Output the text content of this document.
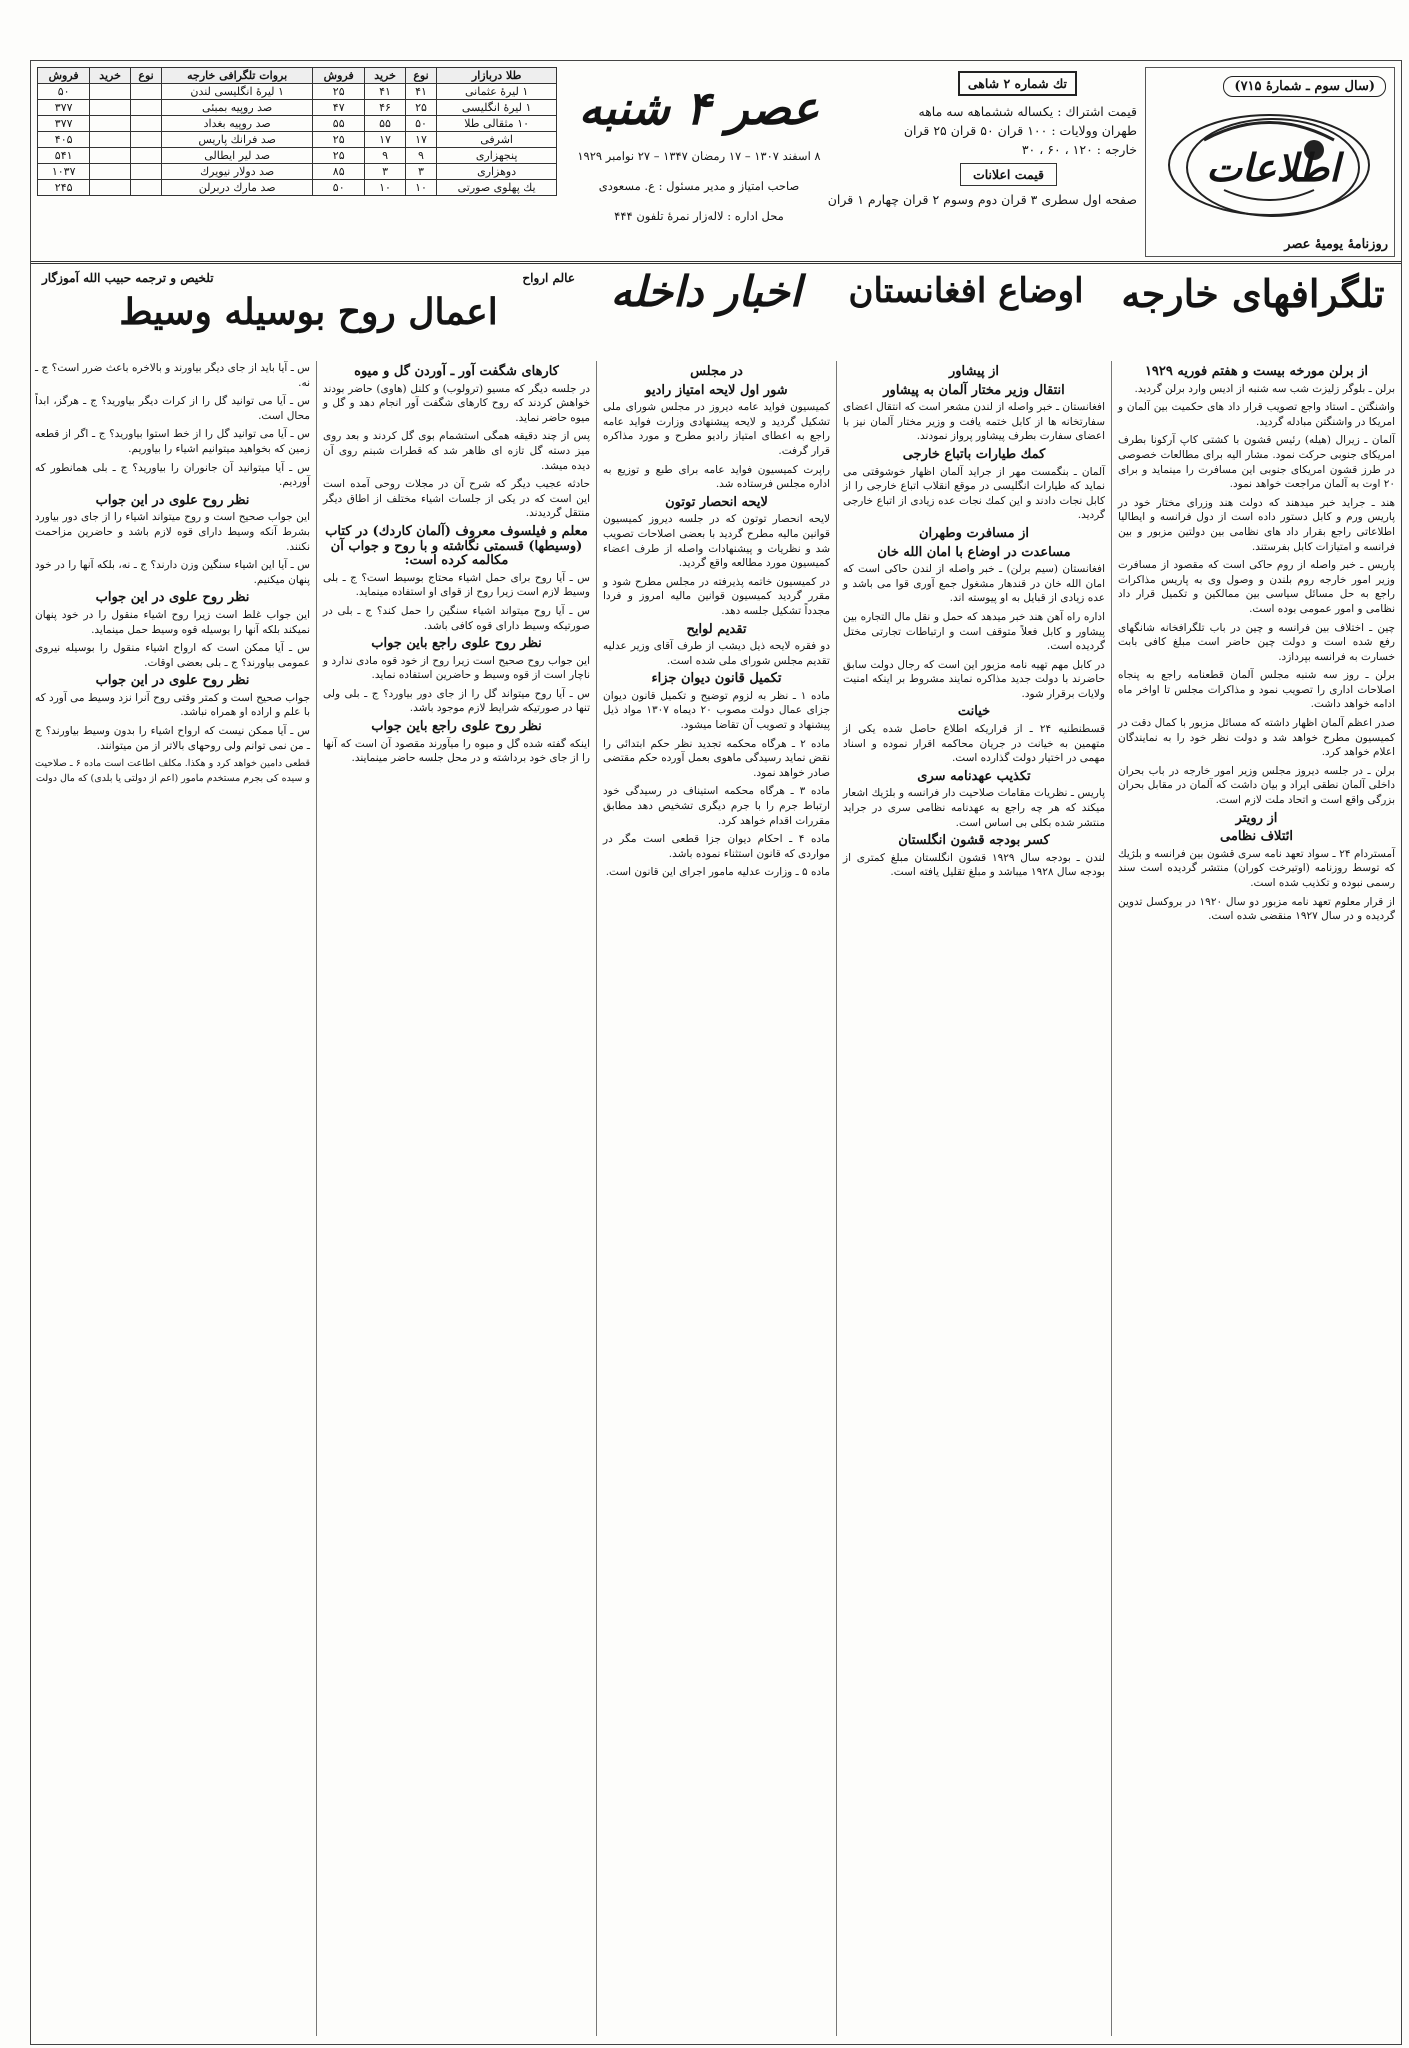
(سال سوم ـ شمارهٔ ۷۱۵)
اطلاعات
روزنامهٔ یومیهٔ عصر
تك شماره ۲ شاهی
قیمت اشتراك : یکساله ششماهه سه ماهه
طهران وولایات : ۱۰۰ قران ۵۰ قران ۲۵ قران
خارجه : ۱۲۰ ، ۶۰ ، ۳۰
قیمت اعلانات
صفحه اول سطری ۳ قران دوم وسوم ۲ قران چهارم ۱ قران
عصر ۴ شنبه
۸ اسفند ۱۳۰۷ – ۱۷ رمضان ۱۳۴۷ – ۲۷ نوامبر ۱۹۲۹
صاحب امتیاز و مدیر مسئول : ع. مسعودی
محل اداره : لاله‌زار نمرهٔ تلفون ۴۴۴
طلا دربازار	نوع	خرید	فروش	بروات تلگرافی خارجه	نوع	خرید	فروش
۱ لیرهٔ عثمانی	۴۱	۴۱	۲۵	۱ لیرهٔ انگلیسی لندن			۵۰
۱ لیرهٔ انگلیسی	۲۵	۴۶	۴۷	صد روپیه بمبئی			۳۷۷
۱۰ مثقالی طلا	۵۰	۵۵	۵۵	صد روپیه بغداد			۳۷۷
اشرفی	۱۷	۱۷	۲۵	صد فرانك پاریس			۴۰۵
پنجهزاری	۹	۹	۲۵	صد لیر ایطالی			۵۴۱
دوهزاری	۳	۳	۸۵	صد دولار نیویرك			۱۰۳۷
یك پهلوی صورتی	۱۰	۱۰	۵۰	صد مارك دربرلن			۲۴۵
تلگرافهای خارجه
اوضاع افغانستان
اخبار داخله
عالم ارواح
تلخیص و ترجمه حبیب الله آموزگار
اعمال روح بوسیله وسیط
از برلن مورخه بیست و هفتم فوریه ۱۹۲۹

برلن ـ بلوگر زلیزت شب سه شنبه از ادیس وارد برلن گردید.

واشنگتن ـ استاد واجع تصویب قرار داد های حکمیت بین آلمان و امریکا در واشنگتن مبادله گردید.

آلمان ـ زیرال (هیله) رئیس قشون با کشتی کاپ آرکونا بطرف امریکای جنوبی حرکت نمود. مشار الیه برای مطالعات خصوصی در طرز قشون امریکای جنوبی این مسافرت را مینماید و برای ۲۰ اوت به آلمان مراجعت خواهد نمود.

هند ـ جراید خبر میدهند که دولت هند وزرای مختار خود در پاریس ورم و کابل دستور داده است از دول فرانسه و ایطالیا اطلاعاتی راجع بقرار داد های نظامی بین دولتین مزبور و بین فرانسه و امتیازات کابل بفرستند.

پاریس ـ خبر واصله از روم حاکی است که مقصود از مسافرت وزیر امور خارجه روم بلندن و وصول وی به پاریس مذاکرات راجع به حل مسائل سیاسی بین ممالکین و تکمیل قرار داد نظامی و امور عمومی بوده است.

چین ـ اختلاف بین فرانسه و چین در باب تلگرافخانه شانگهای رفع شده است و دولت چین حاضر است مبلغ کافی بابت خسارت به فرانسه بپردازد.

برلن ـ روز سه شنبه مجلس آلمان قطعنامه راجع به پنجاه اصلاحات اداری را تصویب نمود و مذاکرات مجلس تا اواخر ماه ادامه خواهد داشت.

صدر اعظم آلمان اظهار داشته که مسائل مزبور با کمال دقت در کمیسیون مطرح خواهد شد و دولت نظر خود را به نمایندگان اعلام خواهد کرد.

برلن ـ در جلسه دیروز مجلس وزیر امور خارجه در باب بحران داخلی آلمان نطقی ایراد و بیان داشت که آلمان در مقابل بحران بزرگی واقع است و اتحاد ملت لازم است.

از رویتر
ائتلاف نظامی

آمستردام ۲۴ ـ سواد تعهد نامه سری قشون بین فرانسه و بلژیك که توسط روزنامه (اوتیرخت کوران) منتشر گردیده است سند رسمی نبوده و تکذیب شده است.

از قرار معلوم تعهد نامه مزبور دو سال ۱۹۲۰ در بروکسل تدوین گردیده و در سال ۱۹۲۷ منقضی شده است.

از پیشاور
انتقال وزیر مختار آلمان به پیشاور

افغانستان ـ خبر واصله از لندن مشعر است که انتقال اعضای سفارتخانه ها از کابل ختمه یافت و وزیر مختار آلمان نیز با اعضای سفارت بطرف پیشاور پرواز نمودند.

کمك طیارات باتباع خارجی

آلمان ـ بنگمست مهر از جراید آلمان اظهار خوشوقتی می نماید که طیارات انگلیسی در موقع انقلاب اتباع خارجی را از کابل نجات دادند و این کمك نجات عده زیادی از اتباع خارجی گردید.

از مسافرت وطهران
مساعدت در اوضاع با امان الله خان

افغانستان (سیم برلن) ـ خبر واصله از لندن حاکی است که امان الله خان در قندهار مشغول جمع آوری قوا می باشد و عده زیادی از قبایل به او پیوسته اند.

اداره راه آهن هند خبر میدهد که حمل و نقل مال التجاره بین پیشاور و کابل فعلاً متوقف است و ارتباطات تجارتی مختل گردیده است.

در کابل مهم تهیه نامه مزبور این است که رجال دولت سابق حاضرند با دولت جدید مذاکره نمایند مشروط بر اینکه امنیت ولایات برقرار شود.

خیانت

قسطنطنیه ۲۴ ـ از قراریکه اطلاع حاصل شده یکی از متهمین به خیانت در جریان محاکمه اقرار نموده و اسناد مهمی در اختیار دولت گذارده است.

تکذیب عهدنامه سری

پاریس ـ نظریات مقامات صلاحیت دار فرانسه و بلژیك اشعار میکند که هر چه راجع به عهدنامه نظامی سری در جراید منتشر شده بکلی بی اساس است.

کسر بودجه قشون انگلستان

لندن ـ بودجه سال ۱۹۲۹ قشون انگلستان مبلغ کمتری از بودجه سال ۱۹۲۸ میباشد و مبلغ تقلیل یافته است.

در مجلس
شور اول لایحه امتیاز رادیو

کمیسیون فواید عامه دیروز در مجلس شورای ملی تشکیل گردید و لایحه پیشنهادی وزارت فواید عامه راجع به اعطای امتیاز رادیو مطرح و مورد مذاکره قرار گرفت.

راپرت کمیسیون فواید عامه برای طبع و توزیع به اداره مجلس فرستاده شد.

لایحه انحصار توتون

لایحه انحصار توتون که در جلسه دیروز کمیسیون قوانین مالیه مطرح گردید با بعضی اصلاحات تصویب شد و نظریات و پیشنهادات واصله از طرف اعضاء کمیسیون مورد مطالعه واقع گردید.

در کمیسیون خاتمه پذیرفته در مجلس مطرح شود و مقرر گردید کمیسیون قوانین مالیه امروز و فردا مجدداً تشکیل جلسه دهد.

تقدیم لوایح

دو فقره لایحه ذیل دیشب از طرف آقای وزیر عدلیه تقدیم مجلس شورای ملی شده است.

تکمیل قانون دیوان جزاء

ماده ۱ ـ نظر به لزوم توضیح و تکمیل قانون دیوان جزای عمال دولت مصوب ۲۰ دیماه ۱۳۰۷ مواد ذیل پیشنهاد و تصویب آن تقاضا میشود.

ماده ۲ ـ هرگاه محکمه تجدید نظر حکم ابتدائی را نقض نماید رسیدگی ماهوی بعمل آورده حکم مقتضی صادر خواهد نمود.

ماده ۳ ـ هرگاه محکمه استیناف در رسیدگی خود ارتباط جرم را با جرم دیگری تشخیص دهد مطابق مقررات اقدام خواهد کرد.

ماده ۴ ـ احکام دیوان جزا قطعی است مگر در مواردی که قانون استثناء نموده باشد.

ماده ۵ ـ وزارت عدلیه مامور اجرای این قانون است.

کارهای شگفت آور ـ آوردن گل و میوه

در جلسه دیگر که مسیو (ترولوب) و کلنل (هاوی) حاضر بودند خواهش کردند که روح کارهای شگفت آور انجام دهد و گل و میوه حاضر نماید.

پس از چند دقیقه همگی استشمام بوی گل کردند و بعد روی میز دسته گل تازه ای ظاهر شد که قطرات شبنم روی آن دیده میشد.

حادثه عجیب دیگر که شرح آن در مجلات روحی آمده است این است که در یکی از جلسات اشیاء مختلف از اطاق دیگر منتقل گردیدند.

معلم و فیلسوف معروف (آلمان کاردك) در کتاب (وسیطها) قسمتی نگاشته و با روح و جواب آن مکالمه کرده است:

س ـ آیا روح برای حمل اشیاء محتاج بوسیط است؟ ج ـ بلی وسیط لازم است زیرا روح از قوای او استفاده مینماید.

س ـ آیا روح میتواند اشیاء سنگین را حمل کند؟ ج ـ بلی در صورتیکه وسیط دارای قوه کافی باشد.

نظر روح علوی راجع باین جواب

این جواب روح صحیح است زیرا روح از خود قوه مادی ندارد و ناچار است از قوه وسیط و حاضرین استفاده نماید.

س ـ آیا روح میتواند گل را از جای دور بیاورد؟ ج ـ بلی ولی تنها در صورتیکه شرایط لازم موجود باشد.

نظر روح علوی راجع باین جواب

اینکه گفته شده گل و میوه را میآورند مقصود آن است که آنها را از جای خود برداشته و در محل جلسه حاضر مینمایند.

س ـ آیا باید از جای دیگر بیاورند و بالاخره باعث ضرر است؟ ج ـ نه.

س ـ آیا می توانید گل را از کرات دیگر بیاورید؟ ج ـ هرگز، ابداً محال است.

س ـ آیا می توانید گل را از خط استوا بیاورید؟ ج ـ اگر از قطعه زمین که بخواهید میتوانیم اشیاء را بیاوریم.

س ـ آیا میتوانید آن جانوران را بیاورید؟ ج ـ بلی همانطور که آوردیم.

نظر روح علوی در این جواب

این جواب صحیح است و روح میتواند اشیاء را از جای دور بیاورد بشرط آنکه وسیط دارای قوه لازم باشد و حاضرین مزاحمت نکنند.

س ـ آیا این اشیاء سنگین وزن دارند؟ ج ـ نه، بلکه آنها را در خود پنهان میکنیم.

نظر روح علوی در این جواب

این جواب غلط است زیرا روح اشیاء منقول را در خود پنهان نمیکند بلکه آنها را بوسیله قوه وسیط حمل مینماید.

س ـ آیا ممکن است که ارواح اشیاء منقول را بوسیله نیروی عمومی بیاورند؟ ج ـ بلی بعضی اوقات.

نظر روح علوی در این جواب

جواب صحیح است و کمتر وقتی روح آنرا نزد وسیط می آورد که با علم و اراده او همراه نباشد.

س ـ آیا ممکن نیست که ارواح اشیاء را بدون وسیط بیاورند؟ ج ـ من نمی توانم ولی روحهای بالاتر از من میتوانند.

قطعی دامین خواهد کرد و هکذا. مکلف اطاعت است ماده ۶ ـ صلاحیت و سیده کی بجرم مستخدم مامور (اعم از دولتی یا بلدی) که مال دولت
